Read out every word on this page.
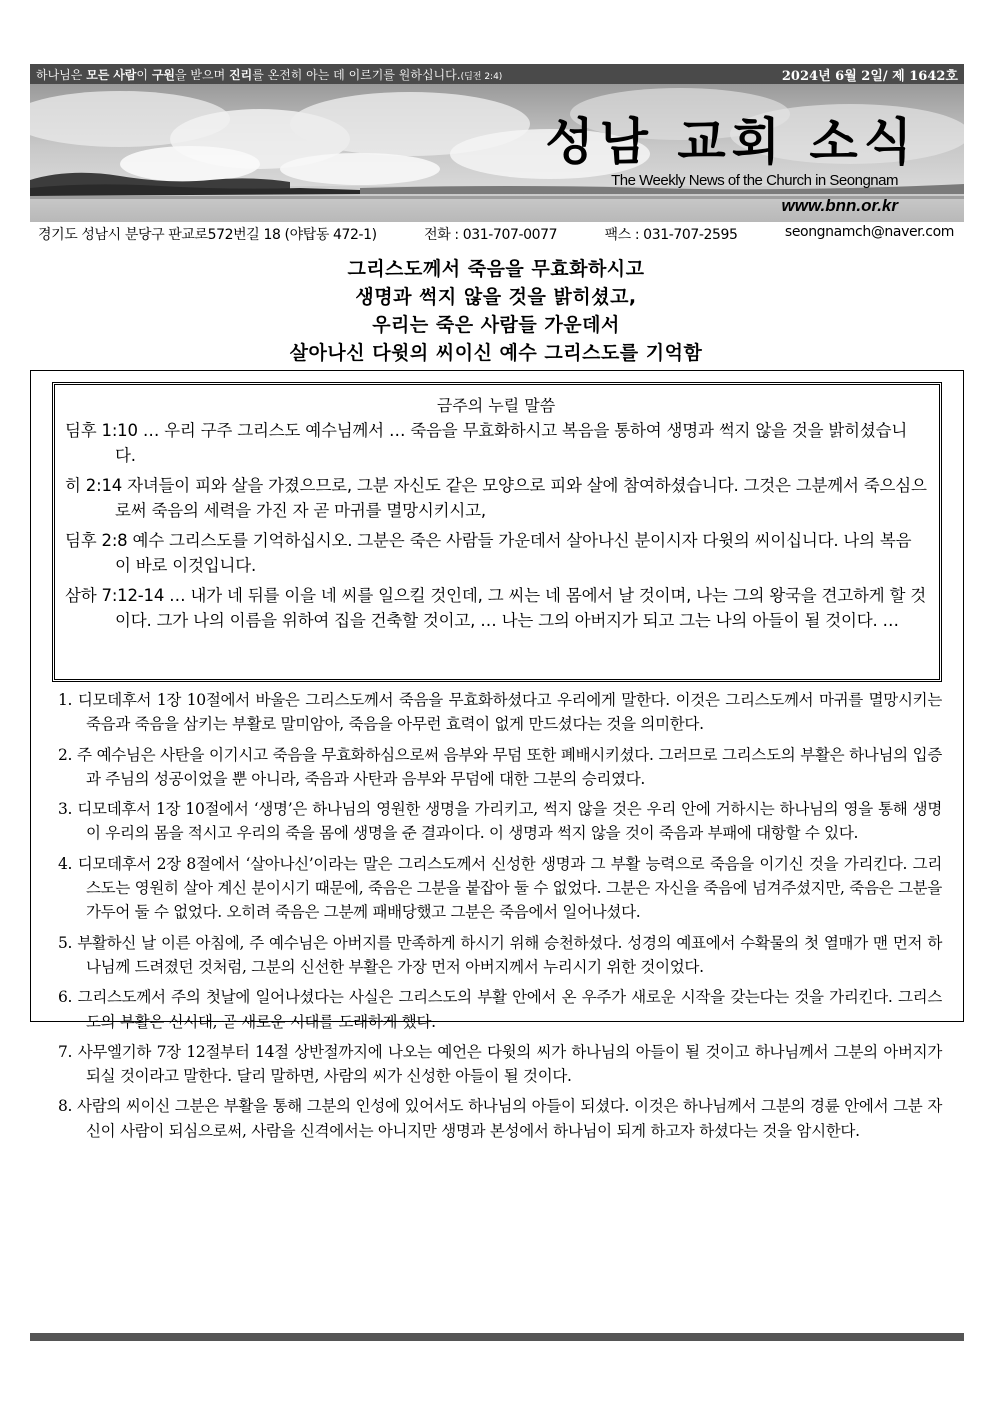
하나님은 모든 사람이 구원을 받으며 진리를 온전히 아는 데 이르기를 원하십니다.(딤전 2:4)	2024년 6월 2일/ 제 1642호
성남 교회 소식
The Weekly News of the Church in Seongnam
www.bnn.or.kr
경기도 성남시 분당구 판교로572번길 18 (야탑동 472-1)	전화 : 031-707-0077	팩스 : 031-707-2595	seongnamch@naver.com
그리스도께서 죽음을 무효화하시고
생명과 썩지 않을 것을 밝히셨고,
우리는 죽은 사람들 가운데서
살아나신 다윗의 씨이신 예수 그리스도를 기억함
금주의 누릴 말씀
딤후 1:10 … 우리 구주 그리스도 예수님께서 … 죽음을 무효화하시고 복음을 통하여 생명과 썩지 않을 것을 밝히셨습니다.
히 2:14 자녀들이 피와 살을 가졌으므로, 그분 자신도 같은 모양으로 피와 살에 참여하셨습니다. 그것은 그분께서 죽으심으로써 죽음의 세력을 가진 자 곧 마귀를 멸망시키시고,
딤후 2:8 예수 그리스도를 기억하십시오. 그분은 죽은 사람들 가운데서 살아나신 분이시자 다윗의 씨이십니다. 나의 복음이 바로 이것입니다.
삼하 7:12-14 … 내가 네 뒤를 이을 네 씨를 일으킬 것인데, 그 씨는 네 몸에서 날 것이며, 나는 그의 왕국을 견고하게 할 것이다. 그가 나의 이름을 위하여 집을 건축할 것이고, … 나는 그의 아버지가 되고 그는 나의 아들이 될 것이다. …
1. 디모데후서 1장 10절에서 바울은 그리스도께서 죽음을 무효화하셨다고 우리에게 말한다. 이것은 그리스도께서 마귀를 멸망시키는 죽음과 죽음을 삼키는 부활로 말미암아, 죽음을 아무런 효력이 없게 만드셨다는 것을 의미한다.
2. 주 예수님은 사탄을 이기시고 죽음을 무효화하심으로써 음부와 무덤 또한 폐배시키셨다. 그러므로 그리스도의 부활은 하나님의 입증과 주님의 성공이었을 뿐 아니라, 죽음과 사탄과 음부와 무덤에 대한 그분의 승리였다.
3. 디모데후서 1장 10절에서 ‘생명’은 하나님의 영원한 생명을 가리키고, 썩지 않을 것은 우리 안에 거하시는 하나님의 영을 통해 생명이 우리의 몸을 적시고 우리의 죽을 몸에 생명을 준 결과이다. 이 생명과 썩지 않을 것이 죽음과 부패에 대항할 수 있다.
4. 디모데후서 2장 8절에서 ‘살아나신’이라는 말은 그리스도께서 신성한 생명과 그 부활 능력으로 죽음을 이기신 것을 가리킨다. 그리스도는 영원히 살아 계신 분이시기 때문에, 죽음은 그분을 붙잡아 둘 수 없었다. 그분은 자신을 죽음에 넘겨주셨지만, 죽음은 그분을 가두어 둘 수 없었다. 오히려 죽음은 그분께 패배당했고 그분은 죽음에서 일어나셨다.
5. 부활하신 날 이른 아침에, 주 예수님은 아버지를 만족하게 하시기 위해 승천하셨다. 성경의 예표에서 수확물의 첫 열매가 맨 먼저 하나님께 드려졌던 것처럼, 그분의 신선한 부활은 가장 먼저 아버지께서 누리시기 위한 것이었다.
6. 그리스도께서 주의 첫날에 일어나셨다는 사실은 그리스도의 부활 안에서 온 우주가 새로운 시작을 갖는다는 것을 가리킨다. 그리스도의 부활은 신시대, 곧 새로운 시대를 도래하게 했다.
7. 사무엘기하 7장 12절부터 14절 상반절까지에 나오는 예언은 다윗의 씨가 하나님의 아들이 될 것이고 하나님께서 그분의 아버지가 되실 것이라고 말한다. 달리 말하면, 사람의 씨가 신성한 아들이 될 것이다.
8. 사람의 씨이신 그분은 부활을 통해 그분의 인성에 있어서도 하나님의 아들이 되셨다. 이것은 하나님께서 그분의 경륜 안에서 그분 자신이 사람이 되심으로써, 사람을 신격에서는 아니지만 생명과 본성에서 하나님이 되게 하고자 하셨다는 것을 암시한다.
